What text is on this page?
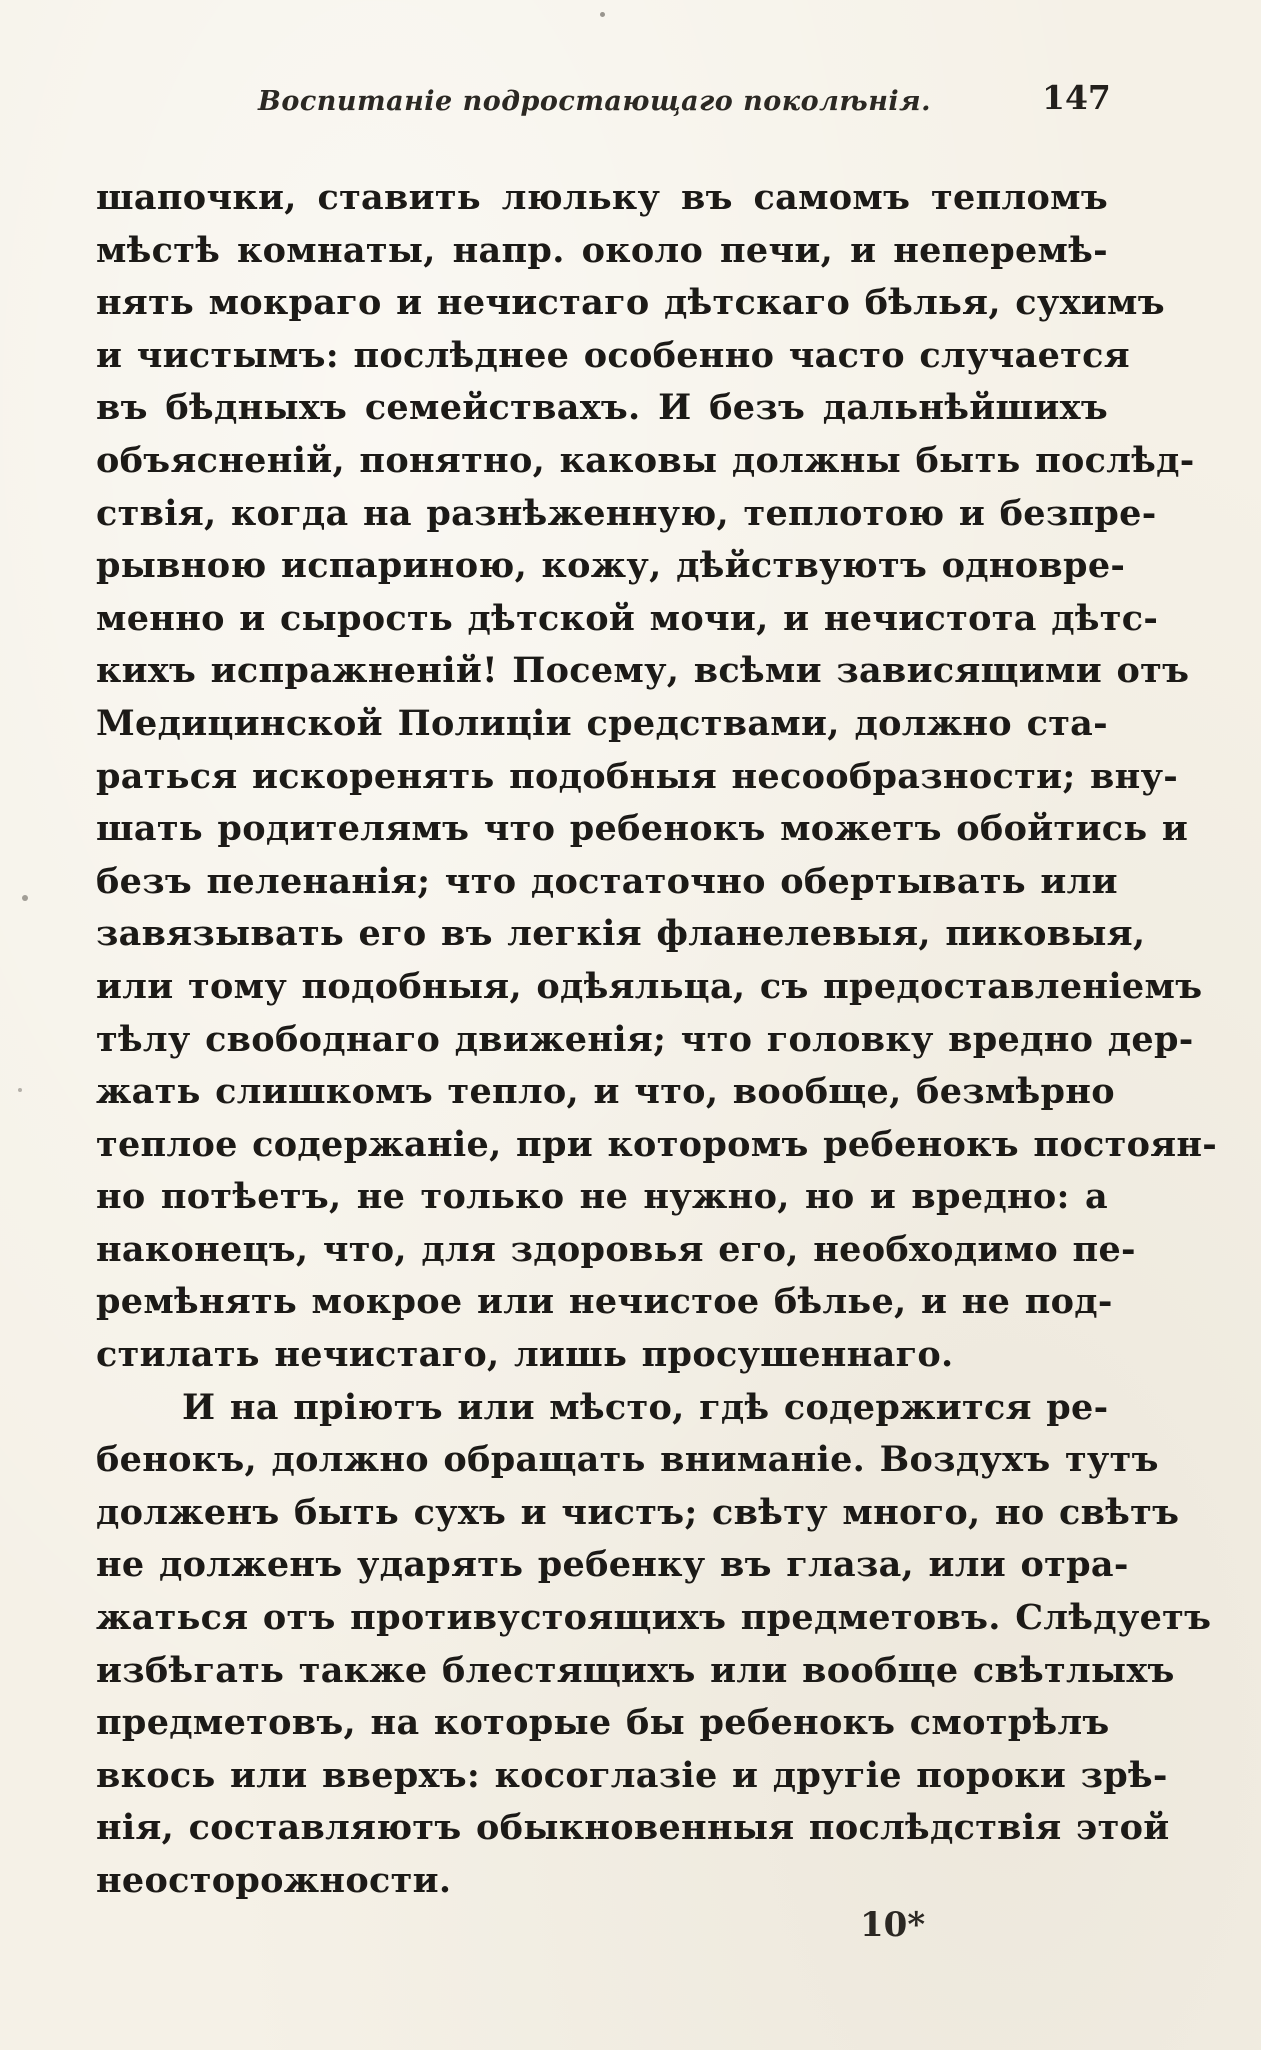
Воспитаніе подростающаго поколѣнія.	147
шапочки, ставить люльку въ самомъ тепломъ
мѣстѣ комнаты, напр. около печи, и неперемѣ-
нять мокраго и нечистаго дѣтскаго бѣлья, сухимъ
и чистымъ: послѣднее особенно часто случается
въ бѣдныхъ семействахъ. И безъ дальнѣйшихъ
объясненій, понятно, каковы должны быть послѣд-
ствія, когда на разнѣженную, теплотою и безпре-
рывною испариною, кожу, дѣйствуютъ одновре-
менно и сырость дѣтской мочи, и нечистота дѣтс-
кихъ испражненій! Посему, всѣми зависящими отъ
Медицинской Полиціи средствами, должно ста-
раться искоренять подобныя несообразности; вну-
шать родителямъ что ребенокъ можетъ обойтись и
безъ пеленанія; что достаточно обертывать или
завязывать его въ легкія фланелевыя, пиковыя,
или тому подобныя, одѣяльца, съ предоставленіемъ
тѣлу свободнаго движенія; что головку вредно дер-
жать слишкомъ тепло, и что, вообще, безмѣрно
теплое содержаніе, при которомъ ребенокъ постоян-
но потѣетъ, не только не нужно, но и вредно: а
наконецъ, что, для здоровья его, необходимо пе-
ремѣнять мокрое или нечистое бѣлье, и не под-
стилать нечистаго, лишь просушеннаго.
И на пріютъ или мѣсто, гдѣ содержится ре-
бенокъ, должно обращать вниманіе. Воздухъ тутъ
долженъ быть сухъ и чистъ; свѣту много, но свѣтъ
не долженъ ударять ребенку въ глаза, или отра-
жаться отъ противустоящихъ предметовъ. Слѣдуетъ
избѣгать также блестящихъ или вообще свѣтлыхъ
предметовъ, на которые бы ребенокъ смотрѣлъ
вкось или вверхъ: косоглазіе и другіе пороки зрѣ-
нія, составляютъ обыкновенныя послѣдствія этой
неосторожности.
10*
